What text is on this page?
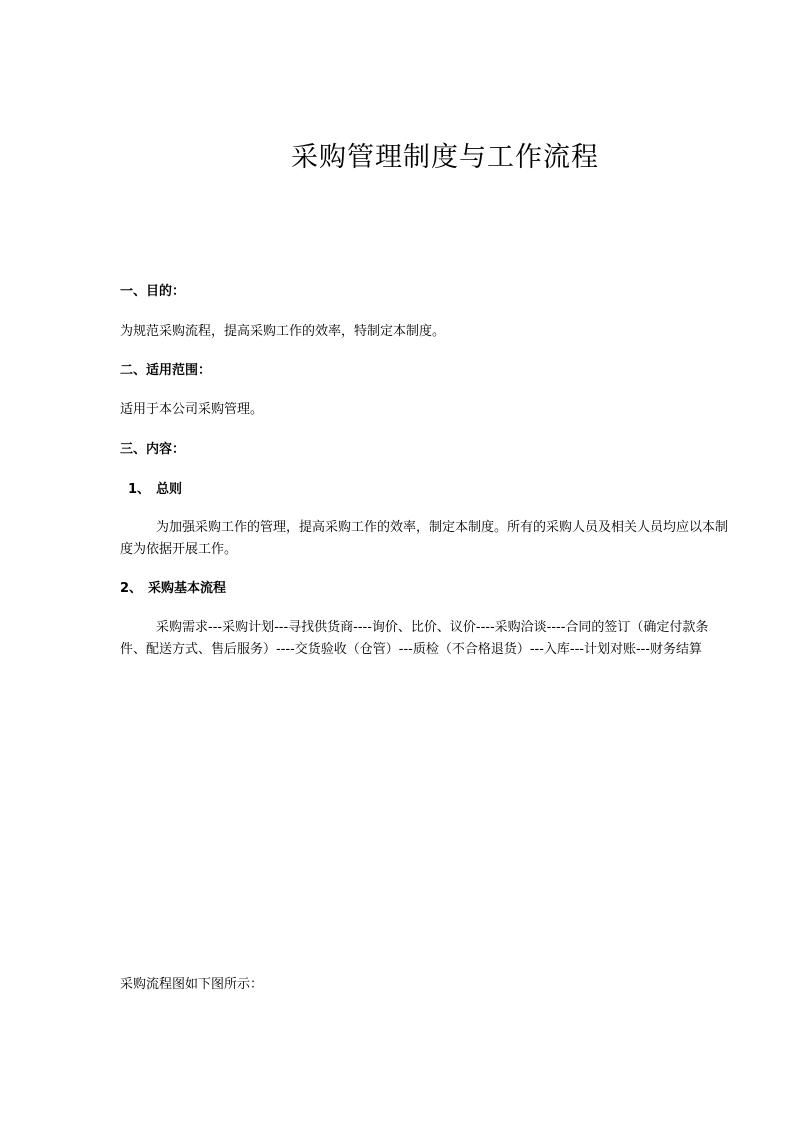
采购管理制度与工作流程
一、目的：
为规范采购流程，提高采购工作的效率，特制定本制度。
二、适用范围：
适用于本公司采购管理。
三、内容：
1、 总则
为加强采购工作的管理，提高采购工作的效率，制定本制度。所有的采购人员及相关人员均应以本制度为依据开展工作。
2、 采购基本流程
采购需求---采购计划---寻找供货商----询价、比价、议价----采购洽谈----合同的签订（确定付款条件、配送方式、售后服务）----交货验收（仓管）---质检（不合格退货）---入库---计划对账---财务结算
采购流程图如下图所示：
